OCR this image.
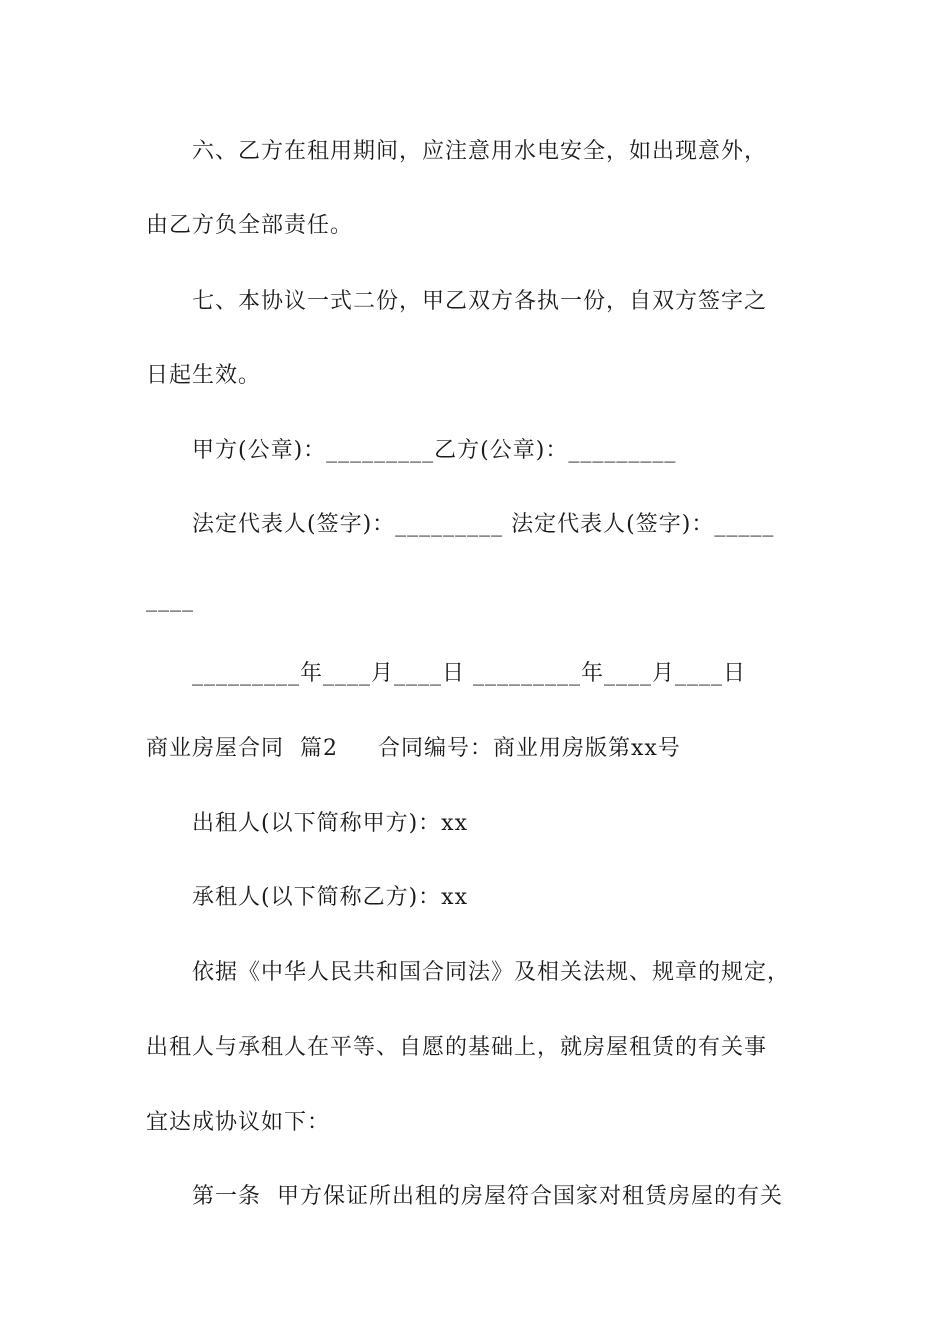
六、乙方在租用期间，应注意用水电安全，如出现意外，
由乙方负全部责任。
七、本协议一式二份，甲乙双方各执一份，自双方签字之
日起生效。
甲方(公章)：_________乙方(公章)：_________
法定代表人(签字)：_________ 法定代表人(签字)：_____
____
_________年____月____日 _________年____月____日
商业房屋合同  篇2     合同编号：商业用房版第xx号
出租人(以下简称甲方)：xx
承租人(以下简称乙方)：xx
依据《中华人民共和国合同法》及相关法规、规章的规定，
出租人与承租人在平等、自愿的基础上，就房屋租赁的有关事
宜达成协议如下：
第一条  甲方保证所出租的房屋符合国家对租赁房屋的有关
